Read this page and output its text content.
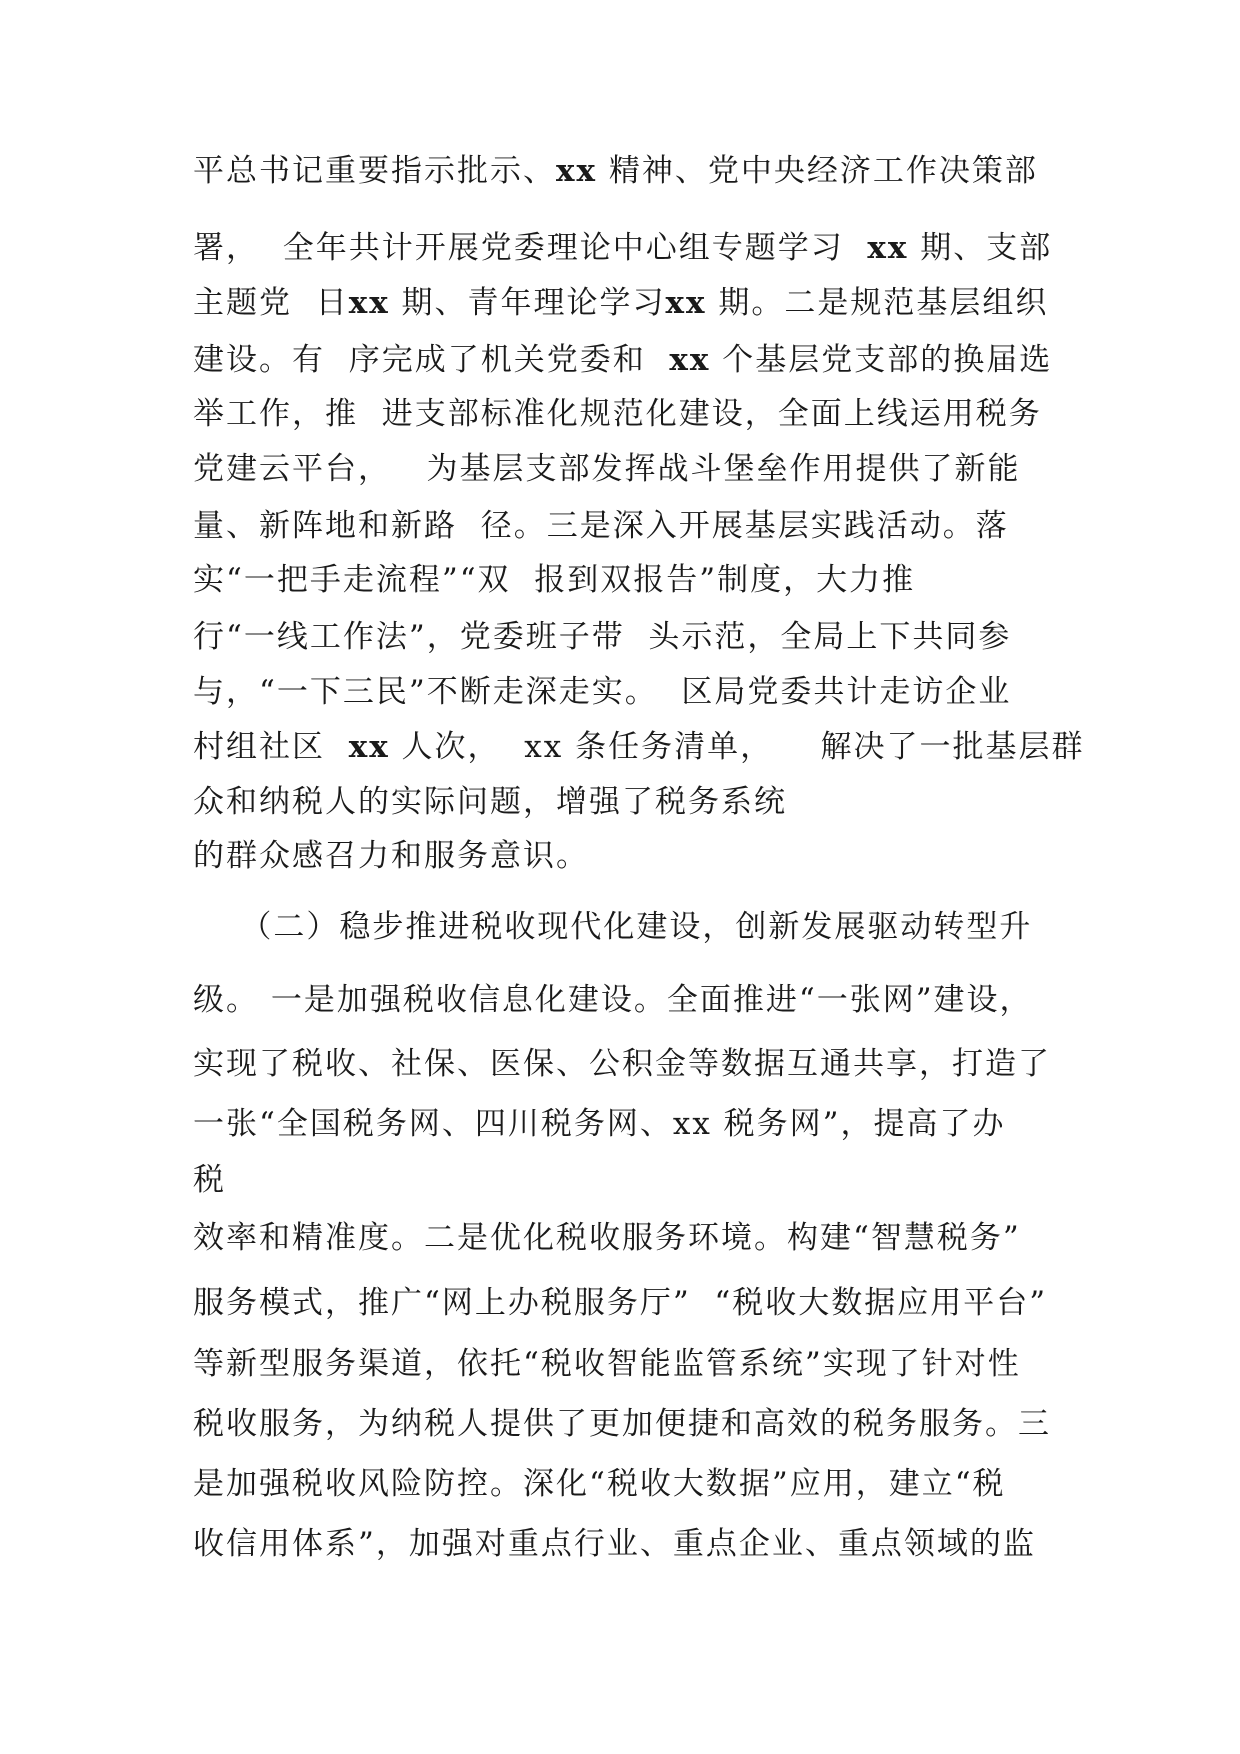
平总书记重要指示批示、xx 精神、党中央经济工作决策部
署，  全年共计开展党委理论中心组专题学习  xx 期、支部
主题党  日xx 期、青年理论学习xx 期。二是规范基层组织
建设。有  序完成了机关党委和  xx 个基层党支部的换届选
举工作，推  进支部标准化规范化建设，全面上线运用税务
党建云平台，   为基层支部发挥战斗堡垒作用提供了新能
量、新阵地和新路  径。三是深入开展基层实践活动。落
实“一把手走流程”“双  报到双报告”制度，大力推
行“一线工作法”，党委班子带  头示范，全局上下共同参
与，“一下三民”不断走深走实。  区局党委共计走访企业
村组社区  xx 人次，  xx 条任务清单，    解决了一批基层群
众和纳税人的实际问题，增强了税务系统
的群众感召力和服务意识。
（二）稳步推进税收现代化建设，创新发展驱动转型升
级。 一是加强税收信息化建设。全面推进“一张网”建设，
实现了税收、社保、医保、公积金等数据互通共享，打造了
一张“全国税务网、四川税务网、xx 税务网”，提高了办
税
效率和精准度。二是优化税收服务环境。构建“智慧税务”
服务模式，推广“网上办税服务厅”  “税收大数据应用平台”
等新型服务渠道，依托“税收智能监管系统”实现了针对性
税收服务，为纳税人提供了更加便捷和高效的税务服务。三
是加强税收风险防控。深化“税收大数据”应用，建立“税
收信用体系”，加强对重点行业、重点企业、重点领域的监
